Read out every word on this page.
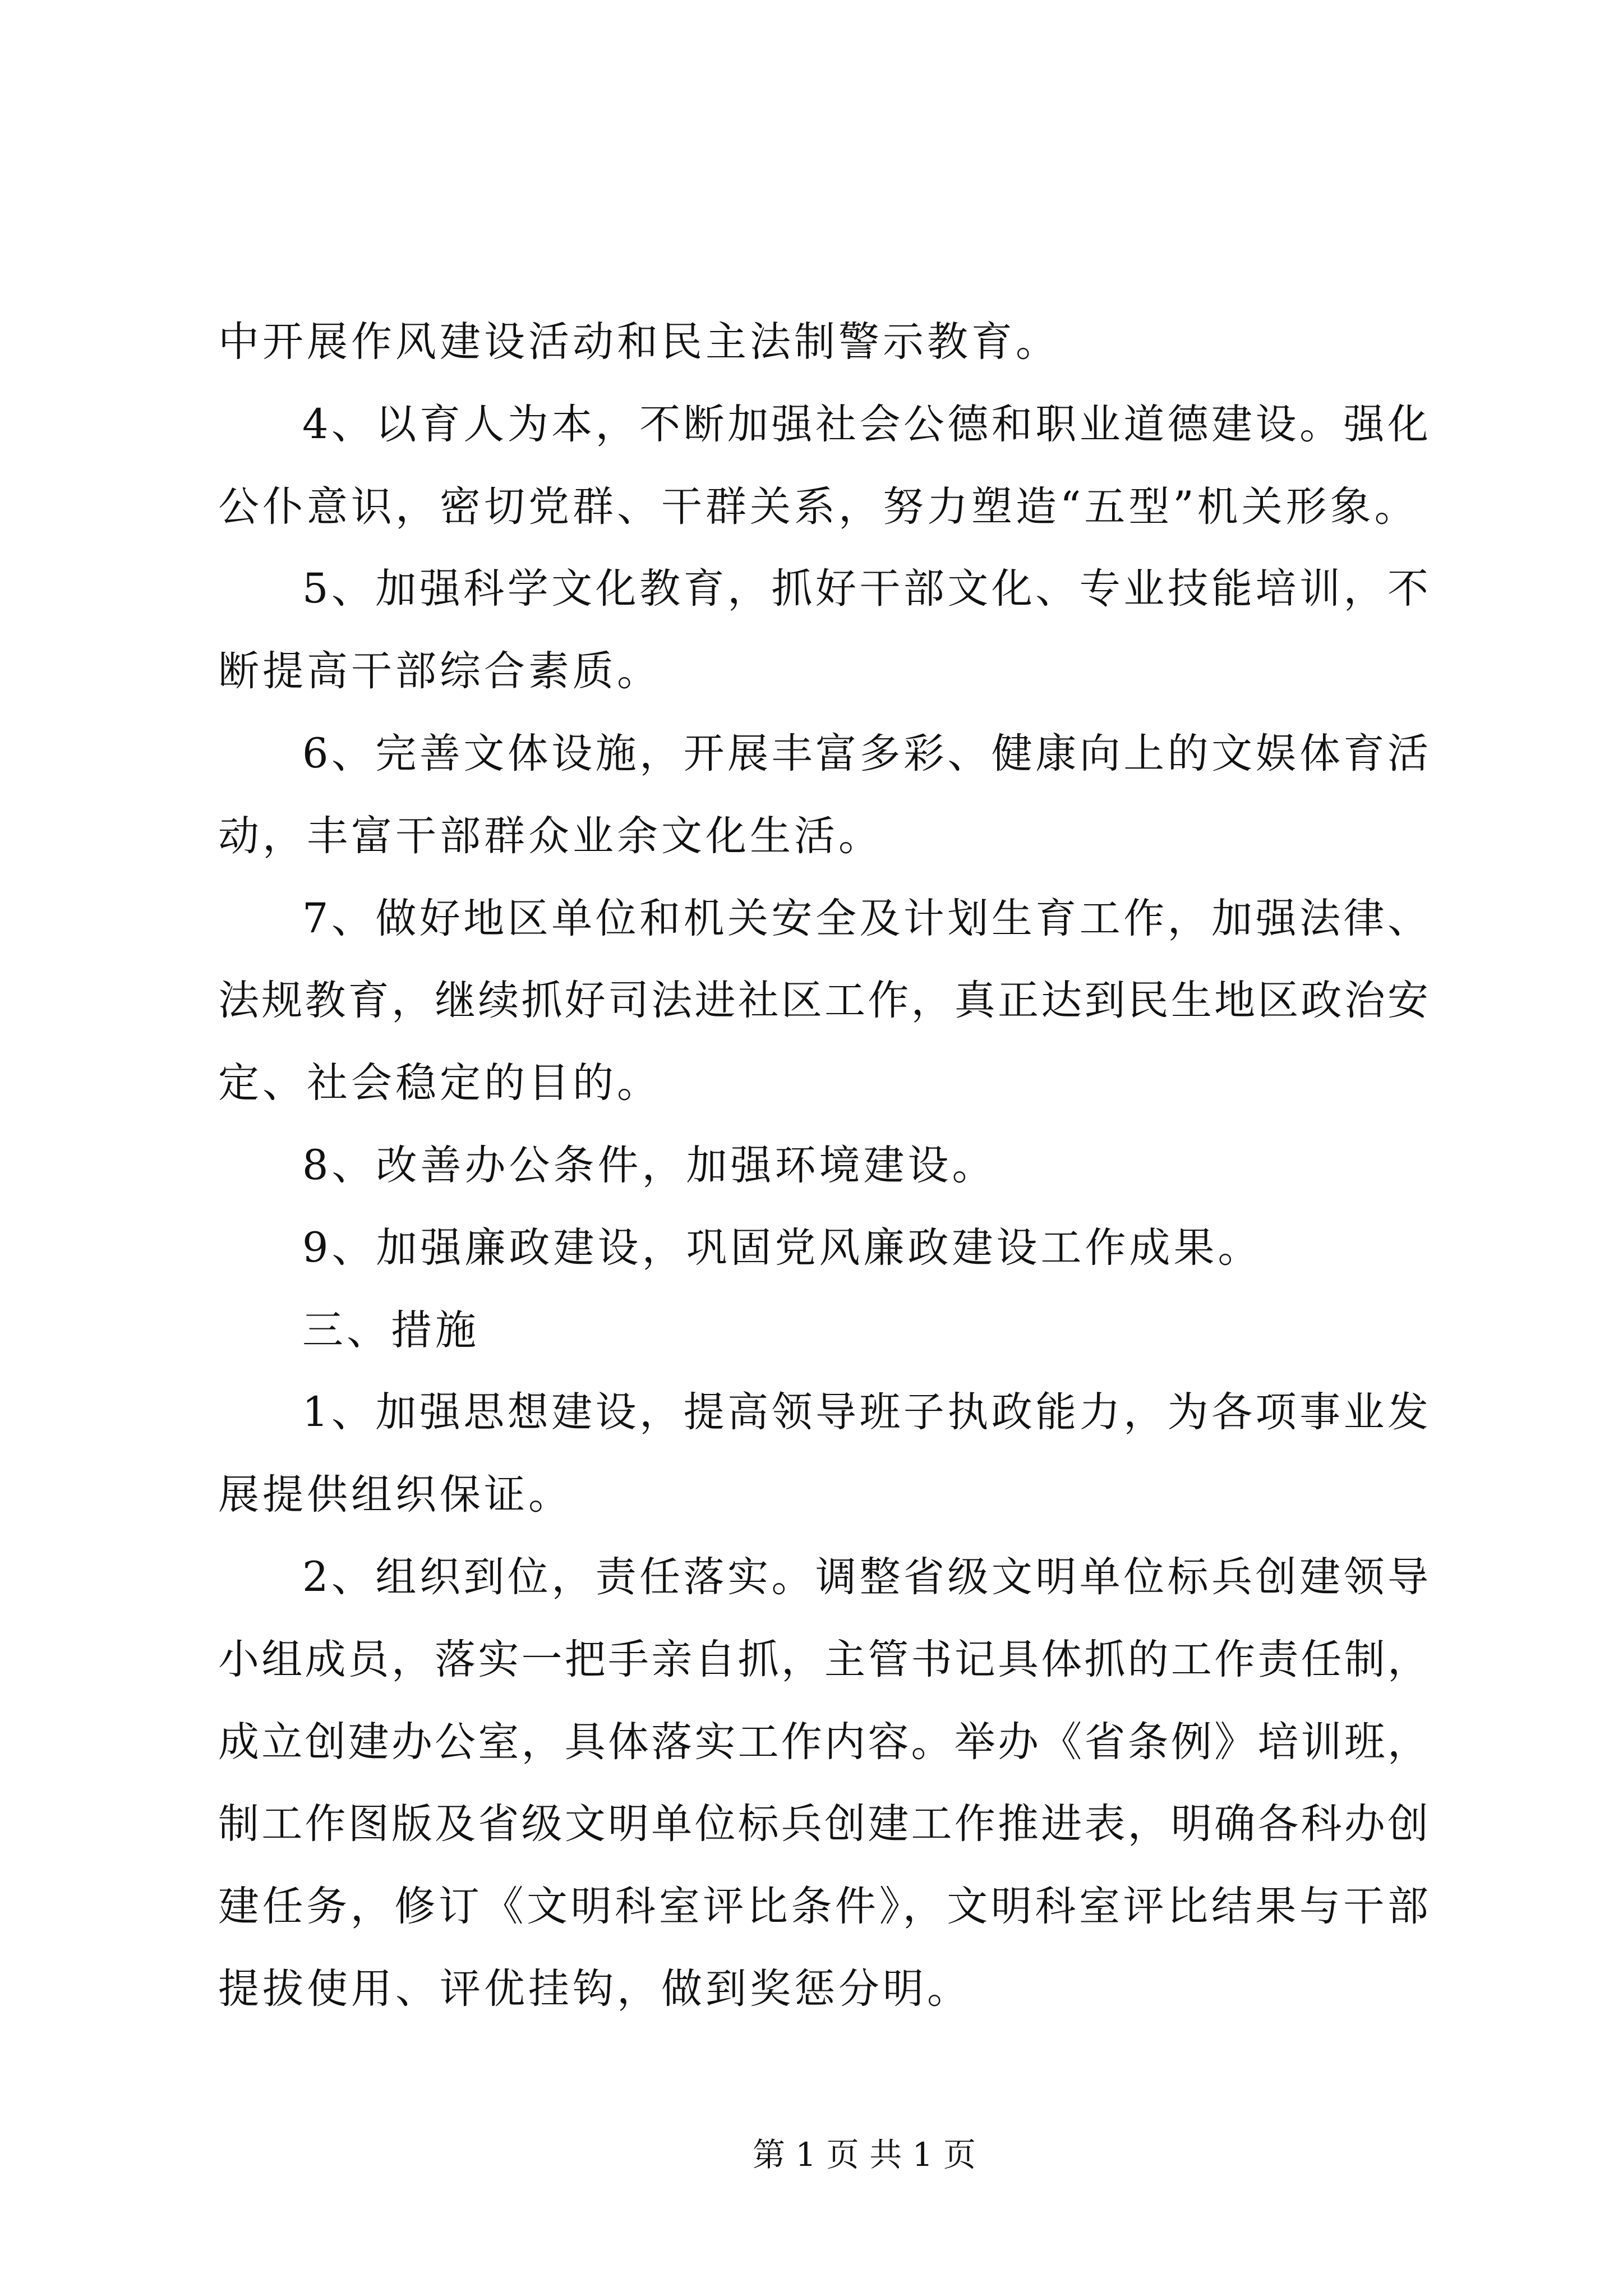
中开展作风建设活动和民主法制警示教育。
4、以育人为本，不断加强社会公德和职业道德建设。强化
公仆意识，密切党群、干群关系，努力塑造“五型”机关形象。
5、加强科学文化教育，抓好干部文化、专业技能培训，不
断提高干部综合素质。
6、完善文体设施，开展丰富多彩、健康向上的文娱体育活
动，丰富干部群众业余文化生活。
7、做好地区单位和机关安全及计划生育工作，加强法律、
法规教育，继续抓好司法进社区工作，真正达到民生地区政治安
定、社会稳定的目的。
8、改善办公条件，加强环境建设。
9、加强廉政建设，巩固党风廉政建设工作成果。
三、措施
1、加强思想建设，提高领导班子执政能力，为各项事业发
展提供组织保证。
2、组织到位，责任落实。调整省级文明单位标兵创建领导
小组成员，落实一把手亲自抓，主管书记具体抓的工作责任制，
成立创建办公室，具体落实工作内容。举办《省条例》培训班，
制工作图版及省级文明单位标兵创建工作推进表，明确各科办创
建任务，修订《文明科室评比条件》，文明科室评比结果与干部
提拔使用、评优挂钩，做到奖惩分明。
第 1 页 共 1 页
